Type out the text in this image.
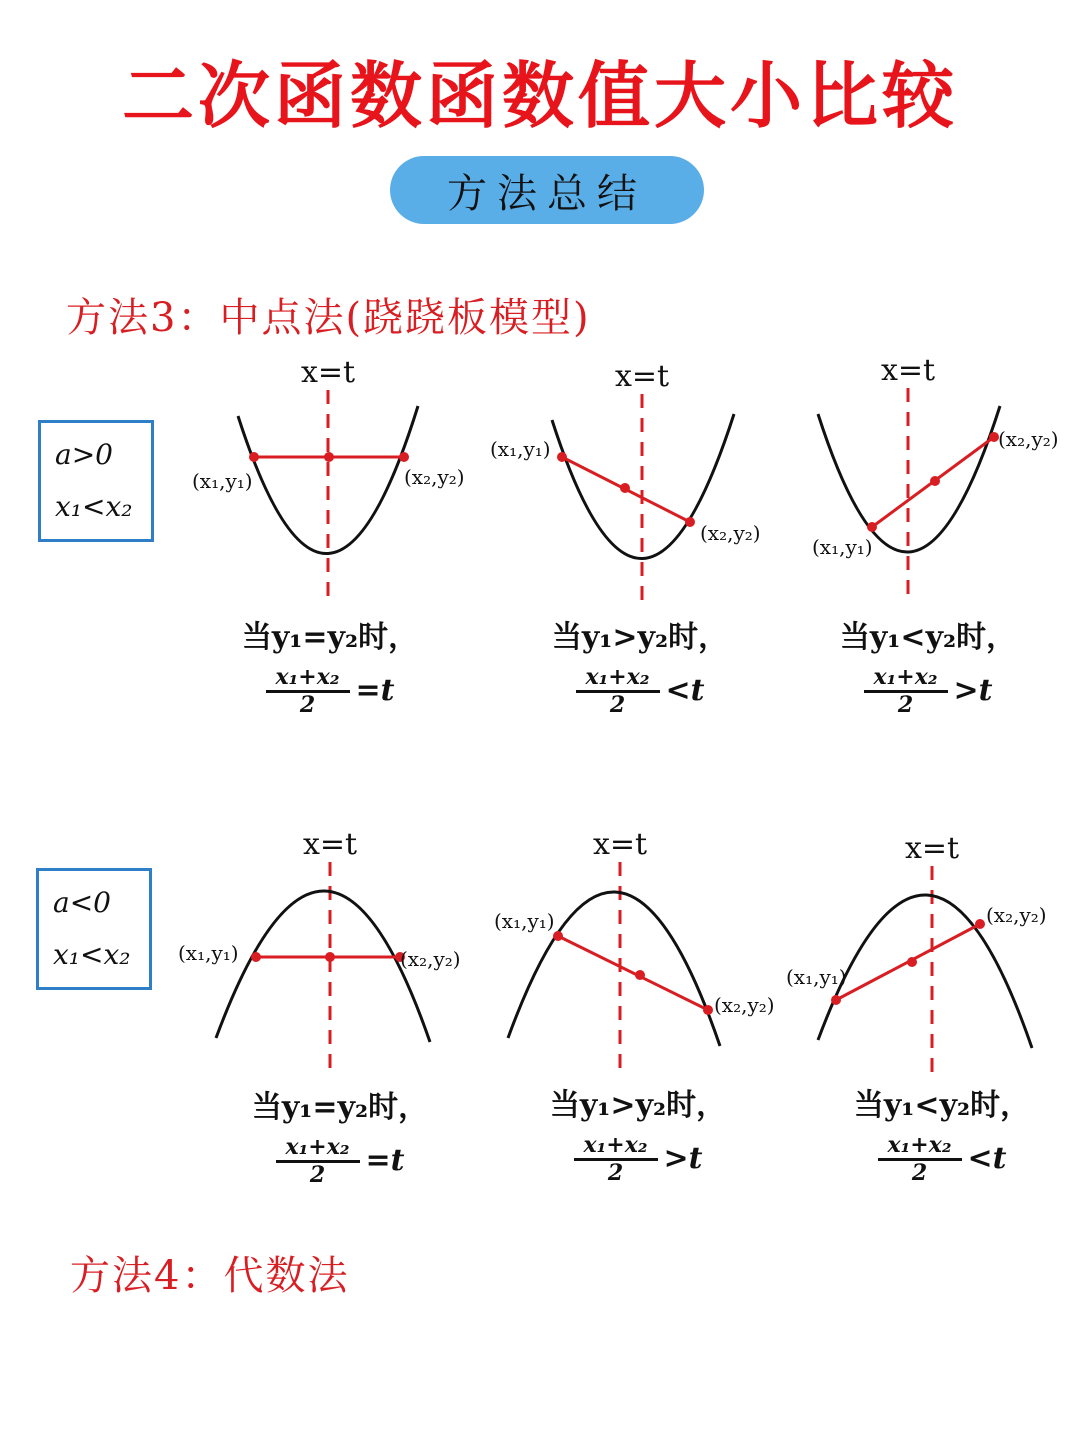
二次函数函数值大小比较
方法总结
方法3：中点法(跷跷板模型)
方法4：代数法
a>0
x₁<x₂
a<0
x₁<x₂
x=t
(x₁,y₁)	(x₂,y₂)
x=t
(x₁,y₁)
(x₂,y₂)
x=t
(x₁,y₁)
(x₂,y₂)
x=t
(x₁,y₁)	(x₂,y₂)
x=t
(x₁,y₁)
(x₂,y₂)
x=t
(x₁,y₁)
(x₂,y₂)
当y₁=y₂时，
$\frac{\text{x₁+x₂}}{2} =t$
当y₁>y₂时，
$\frac{\text{x₁+x₂}}{2} <t$
当y₁<y₂时，
$\frac{\text{x₁+x₂}}{2} >t$
当y₁=y₂时，
$\frac{\text{x₁+x₂}}{2} =t$
当y₁>y₂时，
$\frac{\text{x₁+x₂}}{2} >t$
当y₁<y₂时，
$\frac{\text{x₁+x₂}}{2} <t$
